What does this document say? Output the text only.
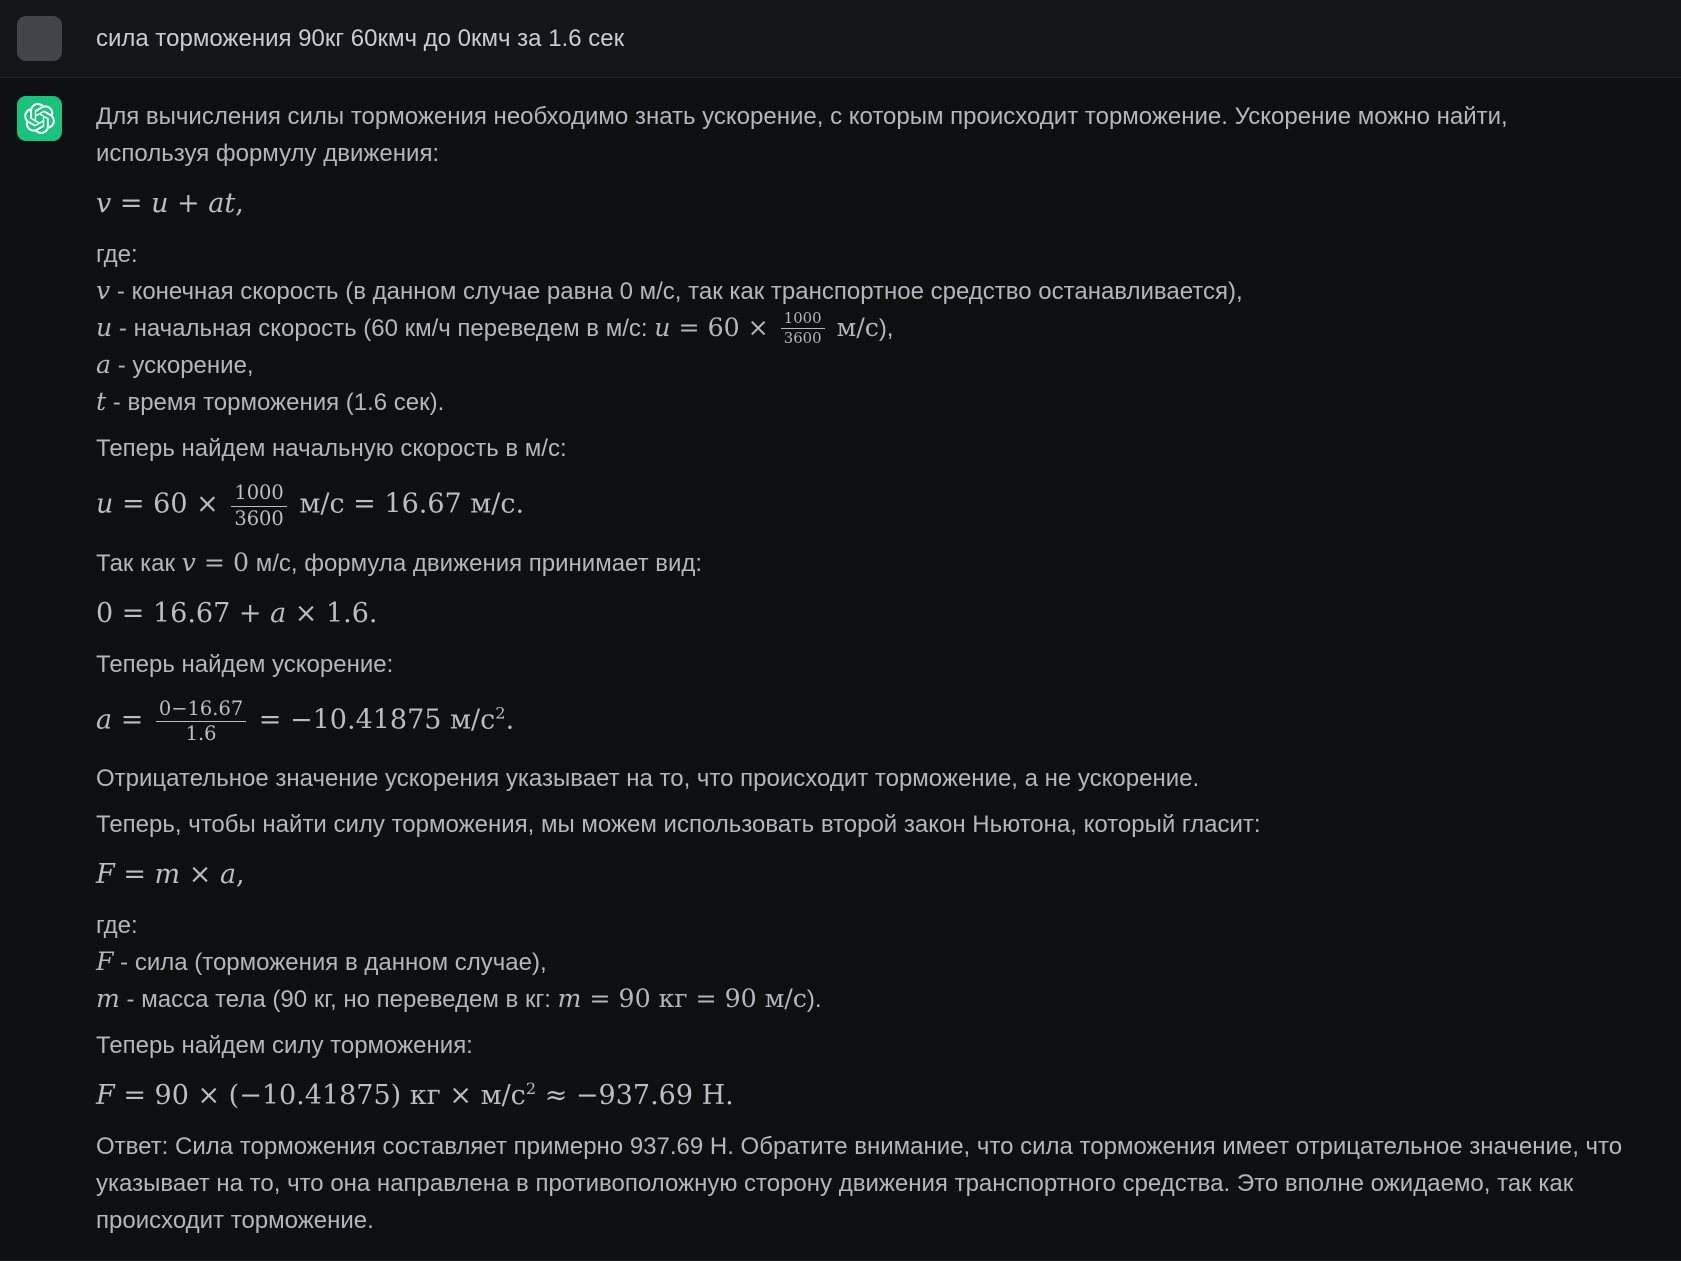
сила торможения 90кг 60кмч до 0кмч за 1.6 сек

Для вычисления силы торможения необходимо знать ускорение, с которым происходит торможение. Ускорение можно найти, используя формулу движения:

v = u + at,

где:
v - конечная скорость (в данном случае равна 0 м/с, так как транспортное средство останавливается),
u - начальная скорость (60 км/ч переведем в м/с: $u = 60 \times \frac{1000}{3600} м/с$),
a - ускорение,
t - время торможения (1.6 сек).

Теперь найдем начальную скорость в м/с:

$u = 60 \times \frac{1000}{3600} м/с = 16.67$ м/с.

Так как v = 0 м/с, формула движения принимает вид:

0 = 16.67 + a × 1.6.

Теперь найдем ускорение:

$a = \frac{0-16.67}{1.6} = -10.41875$ $м/с^2$.

Отрицательное значение ускорения указывает на то, что происходит торможение, а не ускорение.

Теперь, чтобы найти силу торможения, мы можем использовать второй закон Ньютона, который гласит:

F = m × a,

где:
F - сила (торможения в данном случае),
m - масса тела (90 кг, но переведем в кг: m = 90 кг = 90 м/с).

Теперь найдем силу торможения:

F = 90 × (−10.41875) кг × $м/с^2 \approx -937.69$ Н.

Ответ: Сила торможения составляет примерно 937.69 Н. Обратите внимание, что сила торможения имеет отрицательное значение, что указывает на то, что она направлена в противоположную сторону движения транспортного средства. Это вполне ожидаемо, так как происходит торможение.
